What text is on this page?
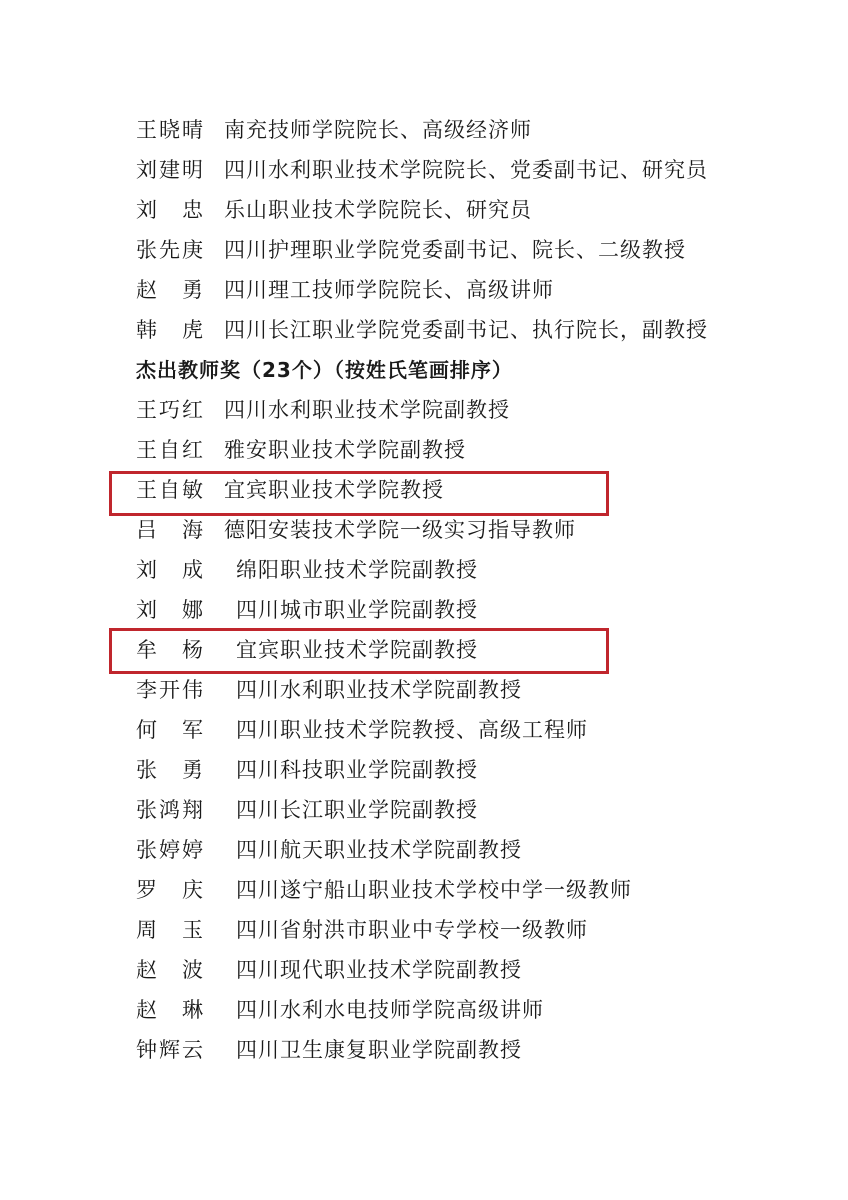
王晓晴 南充技师学院院长、高级经济师
刘建明 四川水利职业技术学院院长、党委副书记、研究员
刘　忠 乐山职业技术学院院长、研究员
张先庚 四川护理职业学院党委副书记、院长、二级教授
赵　勇 四川理工技师学院院长、高级讲师
韩　虎 四川长江职业学院党委副书记、执行院长，副教授
杰出教师奖（23个）（按姓氏笔画排序）
王巧红 四川水利职业技术学院副教授
王自红 雅安职业技术学院副教授
王自敏 宜宾职业技术学院教授
吕　海 德阳安装技术学院一级实习指导教师
刘　成 绵阳职业技术学院副教授
刘　娜 四川城市职业学院副教授
牟　杨 宜宾职业技术学院副教授
李开伟 四川水利职业技术学院副教授
何　军 四川职业技术学院教授、高级工程师
张　勇 四川科技职业学院副教授
张鸿翔 四川长江职业学院副教授
张婷婷 四川航天职业技术学院副教授
罗　庆 四川遂宁船山职业技术学校中学一级教师
周　玉 四川省射洪市职业中专学校一级教师
赵　波 四川现代职业技术学院副教授
赵　琳 四川水利水电技师学院高级讲师
钟辉云 四川卫生康复职业学院副教授
